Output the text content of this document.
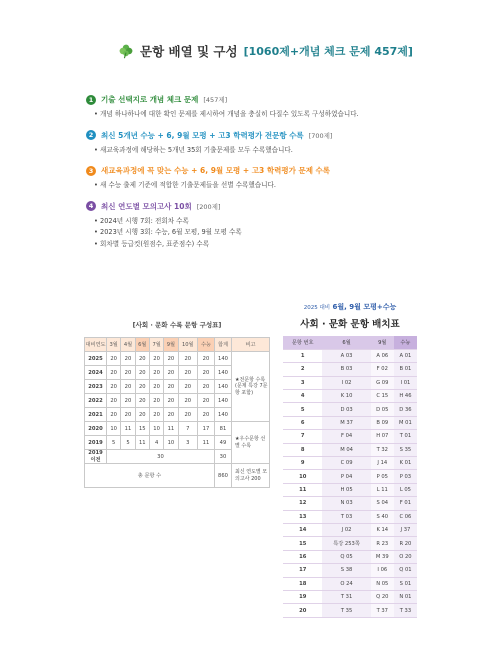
문항 배열 및 구성 [1060제+개념 체크 문제 457제]
1	기출 선택지로 개념 체크 문제 [457제]
• 개념 하나하나에 대한 확인 문제를 제시하여 개념을 충실히 다질수 있도록 구성하였습니다.
2	최신 5개년 수능 + 6, 9월 모평 + 고3 학력평가 전문항 수록 [700제]
• 새교육과정에 해당하는 5개년 35회 기출문제를 모두 수록했습니다.
3	새교육과정에 꼭 맞는 수능 + 6, 9월 모평 + 고3 학력평가 문제 수록
• 새 수능 출제 기준에 적합한 기출문제들을 선별 수록했습니다.
4	최신 연도별 모의고사 10회 [200제]
• 2024년 시행 7회: 전회차 수록
• 2023년 시행 3회: 수능, 6월 모평, 9월 모평 수록
• 회차별 등급컷(원점수, 표준점수) 수록
[사회 · 문화 수록 문항 구성표]
대비연도	3월	4월	6월	7월	9월	10월	수능	합계	비고
2025	20	20	20	20	20	20	20	140	★전문항 수록 (문제 특강 7문항 포함)
2024	20	20	20	20	20	20	20	140	
2023	20	20	20	20	20	20	20	140	
2022	20	20	20	20	20	20	20	140	
2021	20	20	20	20	20	20	20	140	
2020	10	11	15	10	11	7	17	81	★우수문항 선별 수록
2019	5	5	11	4	10	3	11	49	
2019 이전	30							30	
총 문항 수								860	최신 연도별 모의고사 200
2025 대비 6월, 9월 모평+수능
사회 · 문화 문항 배치표
문항 번호	6월	9월	수능
1	A 03	A 06	A 01
2	B 03	F 02	B 01
3	I 02	G 09	I 01
4	K 10	C 15	H 46
5	D 03	D 05	D 36
6	M 37	B 09	M 01
7	F 04	H 07	T 01
8	M 04	T 32	S 35
9	C 09	J 14	K 01
10	P 04	P 05	P 03
11	H 05	L 11	L 05
12	N 03	S 04	F 01
13	T 03	S 40	C 06
14	J 02	K 14	J 37
15	특강 253쪽	R 23	R 20
16	Q 05	M 39	O 20
17	S 38	I 06	Q 01
18	O 24	N 05	S 01
19	T 31	Q 20	N 01
20	T 35	T 37	T 33
